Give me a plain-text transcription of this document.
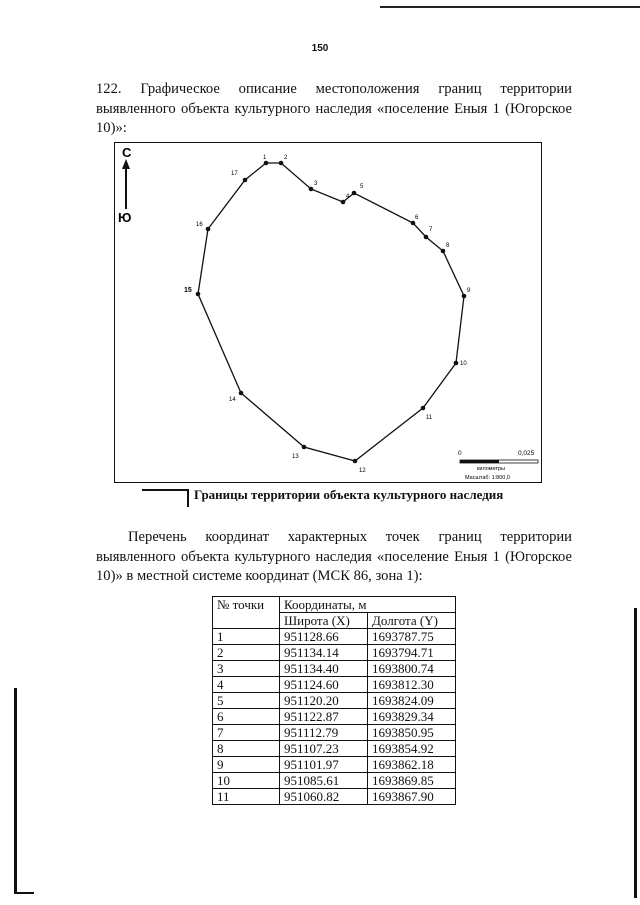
150

122. Графическое описание местоположения границ территории
выявленного объекта культурного наследия «поселение Еныя 1 (Югорское
10)»:

С
Ю
1	2
3
4
5
6
7
8
9
10
11
12
13
14
15
16
17
0	0,025
километры
Масштаб: 1:800,0
Границы территории объекта культурного наследия

Перечень координат характерных точек границ территории
выявленного объекта культурного наследия «поселение Еныя 1 (Югорское
10)» в местной системе координат (МСК 86, зона 1):

№ точки	Координаты, м	
	Широта (X)	Долгота (Y)
1	951128.66	1693787.75
2	951134.14	1693794.71
3	951134.40	1693800.74
4	951124.60	1693812.30
5	951120.20	1693824.09
6	951122.87	1693829.34
7	951112.79	1693850.95
8	951107.23	1693854.92
9	951101.97	1693862.18
10	951085.61	1693869.85
11	951060.82	1693867.90
